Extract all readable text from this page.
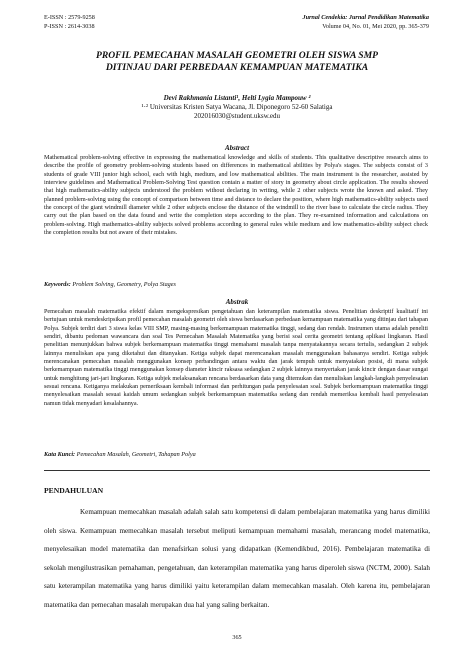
E-ISSN : 2579-9258
P-ISSN : 2614-3038
Jurnal Cendekia: Jurnal Pendidikan Matematika
Volume 04, No. 01, Mei 2020, pp. 365-379
PROFIL PEMECAHAN MASALAH GEOMETRI OLEH SISWA SMP
DITINJAU DARI PERBEDAAN KEMAMPUAN MATEMATIKA
Devi Rakhmania Listanti¹, Helti Lygia Mampouw ²
¹·² Universitas Kristen Satya Wacana, Jl. Diponegoro 52-60 Salatiga
202016030@student.uksw.edu
Abstract
Mathematical problem-solving effective in expressing the mathematical knowledge and skills of students. This qualitative descriptive research aims to describe the profile of geometry problem-solving students based on differences in mathematical abilities by Polya's stages. The subjects consist of 3 students of grade VIII junior high school, each with high, medium, and low mathematical abilities. The main instrument is the researcher, assisted by interview guidelines and Mathematical Problem-Solving Test question contain a matter of story in geometry about circle application. The results showed that high mathematics-ability subjects understood the problem without declaring in writing, while 2 other subjects wrote the known and asked. They planned problem-solving using the concept of comparison between time and distance to declare the position, where high mathematics-ability subjects used the concept of the giant windmill diameter while 2 other subjects enclose the distance of the windmill to the river base to calculate the circle radius. They carry out the plan based on the data found and write the completion steps according to the plan. They re-examined information and calculations on problem-solving. High mathematics-ability subjects solved problems according to general rules while medium and low mathematics-ability subject check the completion results but not aware of their mistakes.
Keywords: Problem Solving, Geometry, Polya Stages
Abstrak
Pemecahan masalah matematika efektif dalam mengekspresikan pengetahuan dan keterampilan matematika siswa. Penelitian deskriptif kualitatif ini bertujuan untuk mendeskripsikan profil pemecahan masalah geometri oleh siswa berdasarkan perbedaan kemampuan matematika yang ditinjau dari tahapan Polya. Subjek terdiri dari 3 siswa kelas VIII SMP, masing-masing berkemampuan matematika tinggi, sedang dan rendah. Instrumen utama adalah peneliti sendiri, dibantu pedoman wawancara dan soal Tes Pemecahan Masalah Matematika yang berisi soal cerita geometri tentang aplikasi lingkaran. Hasil penelitian menunjukkan bahwa subjek berkemampuan matematika tinggi memahami masalah tanpa menyatakannya secara tertulis, sedangkan 2 subjek lainnya menuliskan apa yang diketahui dan ditanyakan. Ketiga subjek dapat merencanakan masalah menggunakan bahasanya sendiri. Ketiga subjek merencanakan pemecahan masalah menggunakan konsep perbandingan antara waktu dan jarak tempuh untuk menyatakan posisi, di mana subjek berkemampuan matematika tinggi menggunakan konsep diameter kincir raksasa sedangkan 2 subjek lainnya menyertakan jarak kincir dengan dasar sungai untuk menghitung jari-jari lingkaran. Ketiga subjek melaksanakan rencana berdasarkan data yang ditemukan dan menuliskan langkah-langkah penyelesaian sesuai rencana. Ketiganya melakukan pemeriksaan kembali informasi dan perhitungan pada penyelesaian soal. Subjek berkemampuan matematika tinggi menyelesaikan masalah sesuai kaidah umum sedangkan subjek berkemampuan matematika sedang dan rendah memeriksa kembali hasil penyelesaian namun tidak menyadari kesalahannya.
Kata Kunci: Pemecahan Masalah, Geometri, Tahapan Polya
PENDAHULUAN
Kemampuan memecahkan masalah adalah salah satu kompetensi di dalam pembelajaran matematika yang harus dimiliki oleh siswa. Kemampuan memecahkan masalah tersebut meliputi kemampuan memahami masalah, merancang model matematika, menyelesaikan model matematika dan menafsirkan solusi yang didapatkan (Kemendikbud, 2016). Pembelajaran matematika di sekolah mengilustrasikan pemahaman, pengetahuan, dan keterampilan matematika yang harus diperoleh siswa (NCTM, 2000). Salah satu keterampilan matematika yang harus dimiliki yaitu keterampilan dalam memecahkan masalah. Oleh karena itu, pembelajaran matematika dan pemecahan masalah merupakan dua hal yang saling berkaitan.
365
